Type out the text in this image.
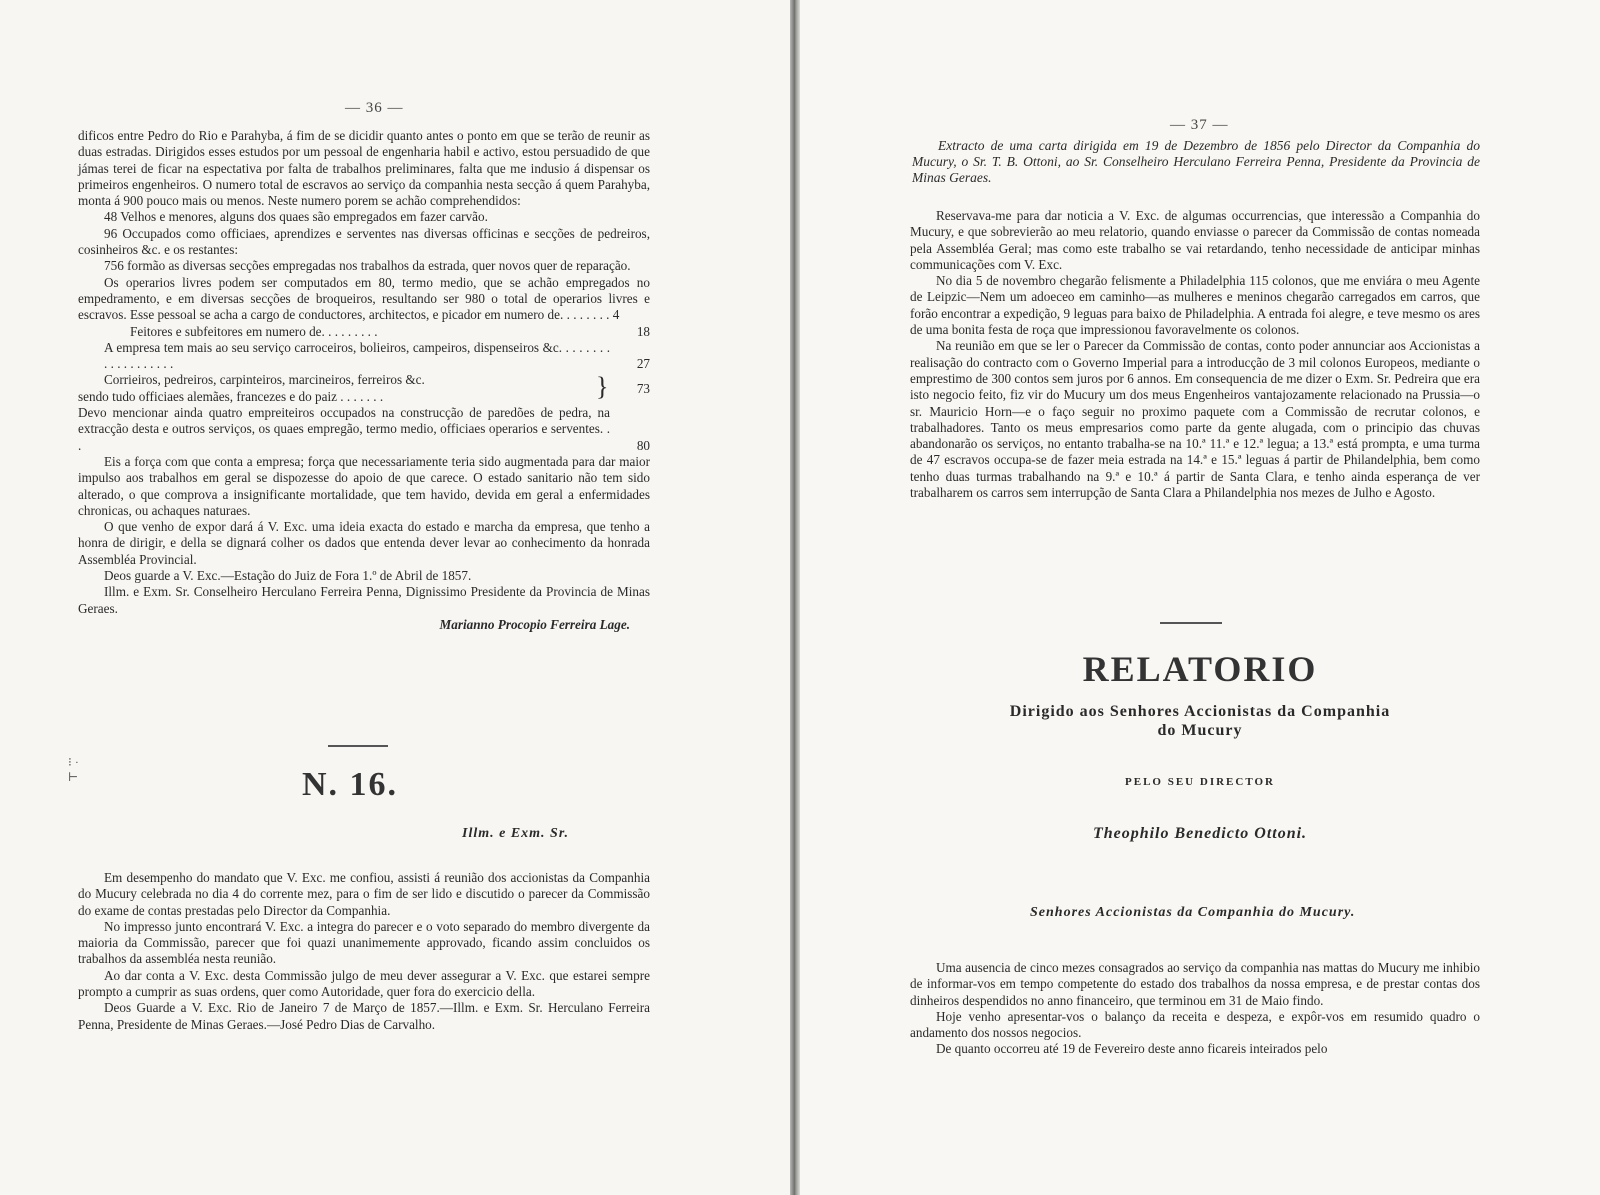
— 36 —

dificos entre Pedro do Rio e Parahyba, á fim de se dicidir quanto antes o ponto em que se terão de reunir as duas estradas. Dirigidos esses estudos por um pessoal de engenharia habil e activo, estou persuadido de que jámas terei de ficar na espectativa por falta de trabalhos preliminares, falta que me indusio á dispensar os primeiros engenheiros. O numero total de escravos ao serviço da companhia nesta secção á quem Parahyba, monta á 900 pouco mais ou menos. Neste numero porem se achão comprehendidos:

48 Velhos e menores, alguns dos quaes são empregados em fazer carvão.

96 Occupados como officiaes, aprendizes e serventes nas diversas officinas e secções de pedreiros, cosinheiros &c. e os restantes:

756 formão as diversas secções empregadas nos trabalhos da estrada, quer novos quer de reparação.

Os operarios livres podem ser computados em 80, termo medio, que se achão empregados no empedramento, e em diversas secções de broqueiros, resultando ser 980 o total de operarios livres e escravos. Esse pessoal se acha a cargo de conductores, architectos, e picador em numero de. . . . . . . . 4

Feitores e subfeitores em numero de. . . . . . . . .	18
A empresa tem mais ao seu serviço carroceiros, bolieiros, campeiros, dispenseiros &c. . . . . . . . . . . . . . . . . . .	27
Corrieiros, pedreiros, carpinteiros, marcineiros, ferreiros &c.
sendo tudo officiaes alemães, francezes e do paiz . . . . . . .	}	73
Devo mencionar ainda quatro empreiteiros occupados na construcção de paredões de pedra, na extracção desta e outros serviços, os quaes empregão, termo medio, officiaes operarios e serventes. . .	80

Eis a força com que conta a empresa; força que necessariamente teria sido augmentada para dar maior impulso aos trabalhos em geral se dispozesse do apoio de que carece. O estado sanitario não tem sido alterado, o que comprova a insignificante mortalidade, que tem havido, devida em geral a enfermidades chronicas, ou achaques naturaes.

O que venho de expor dará á V. Exc. uma ideia exacta do estado e marcha da empresa, que tenho a honra de dirigir, e della se dignará colher os dados que entenda dever levar ao conhecimento da honrada Assembléa Provincial.

Deos guarde a V. Exc.—Estação do Juiz de Fora 1.º de Abril de 1857.

Illm. e Exm. Sr. Conselheiro Herculano Ferreira Penna, Dignissimo Presidente da Provincia de Minas Geraes.

Marianno Procopio Ferreira Lage.

⁝ ·
⊢	N. 16.
Illm. e Exm. Sr.

Em desempenho do mandato que V. Exc. me confiou, assisti á reunião dos accionistas da Companhia do Mucury celebrada no dia 4 do corrente mez, para o fim de ser lido e discutido o parecer da Commissão do exame de contas prestadas pelo Director da Companhia.

No impresso junto encontrará V. Exc. a integra do parecer e o voto separado do membro divergente da maioria da Commissão, parecer que foi quazi unanimemente approvado, ficando assim concluidos os trabalhos da assembléa nesta reunião.

Ao dar conta a V. Exc. desta Commissão julgo de meu dever assegurar a V. Exc. que estarei sempre prompto a cumprir as suas ordens, quer como Autoridade, quer fora do exercicio della.

Deos Guarde a V. Exc. Rio de Janeiro 7 de Março de 1857.—Illm. e Exm. Sr. Herculano Ferreira Penna, Presidente de Minas Geraes.—José Pedro Dias de Carvalho.

— 37 —
Extracto de uma carta dirigida em 19 de Dezembro de 1856 pelo Director da Companhia do Mucury, o Sr. T. B. Ottoni, ao Sr. Conselheiro Herculano Ferreira Penna, Presidente da Provincia de Minas Geraes.

Reservava-me para dar noticia a V. Exc. de algumas occurrencias, que interessão a Companhia do Mucury, e que sobrevierão ao meu relatorio, quando enviasse o parecer da Commissão de contas nomeada pela Assembléa Geral; mas como este trabalho se vai retardando, tenho necessidade de anticipar minhas communicações com V. Exc.

No dia 5 de novembro chegarão felismente a Philadelphia 115 colonos, que me enviára o meu Agente de Leipzic—Nem um adoeceo em caminho—as mulheres e meninos chegarão carregados em carros, que forão encontrar a expedição, 9 leguas para baixo de Philadelphia. A entrada foi alegre, e teve mesmo os ares de uma bonita festa de roça que impressionou favoravelmente os colonos.

Na reunião em que se ler o Parecer da Commissão de contas, conto poder annunciar aos Accionistas a realisação do contracto com o Governo Imperial para a introducção de 3 mil colonos Europeos, mediante o emprestimo de 300 contos sem juros por 6 annos. Em consequencia de me dizer o Exm. Sr. Pedreira que era isto negocio feito, fiz vir do Mucury um dos meus Engenheiros vantajozamente relacionado na Prussia—o sr. Mauricio Horn—e o faço seguir no proximo paquete com a Commissão de recrutar colonos, e trabalhadores. Tanto os meus empresarios como parte da gente alugada, com o principio das chuvas abandonarão os serviços, no entanto trabalha-se na 10.ª 11.ª e 12.ª legua; a 13.ª está prompta, e uma turma de 47 escravos occupa-se de fazer meia estrada na 14.ª e 15.ª leguas á partir de Philandelphia, bem como tenho duas turmas trabalhando na 9.ª e 10.ª á partir de Santa Clara, e tenho ainda esperança de ver trabalharem os carros sem interrupção de Santa Clara a Philandelphia nos mezes de Julho e Agosto.

RELATORIO
Dirigido aos Senhores Accionistas da Companhia
do Mucury
PELO SEU DIRECTOR
Theophilo Benedicto Ottoni.
Senhores Accionistas da Companhia do Mucury.

Uma ausencia de cinco mezes consagrados ao serviço da companhia nas mattas do Mucury me inhibio de informar-vos em tempo competente do estado dos trabalhos da nossa empresa, e de prestar contas dos dinheiros despendidos no anno financeiro, que terminou em 31 de Maio findo.

Hoje venho apresentar-vos o balanço da receita e despeza, e expôr-vos em resumido quadro o andamento dos nossos negocios.

De quanto occorreu até 19 de Fevereiro deste anno ficareis inteirados pelo
